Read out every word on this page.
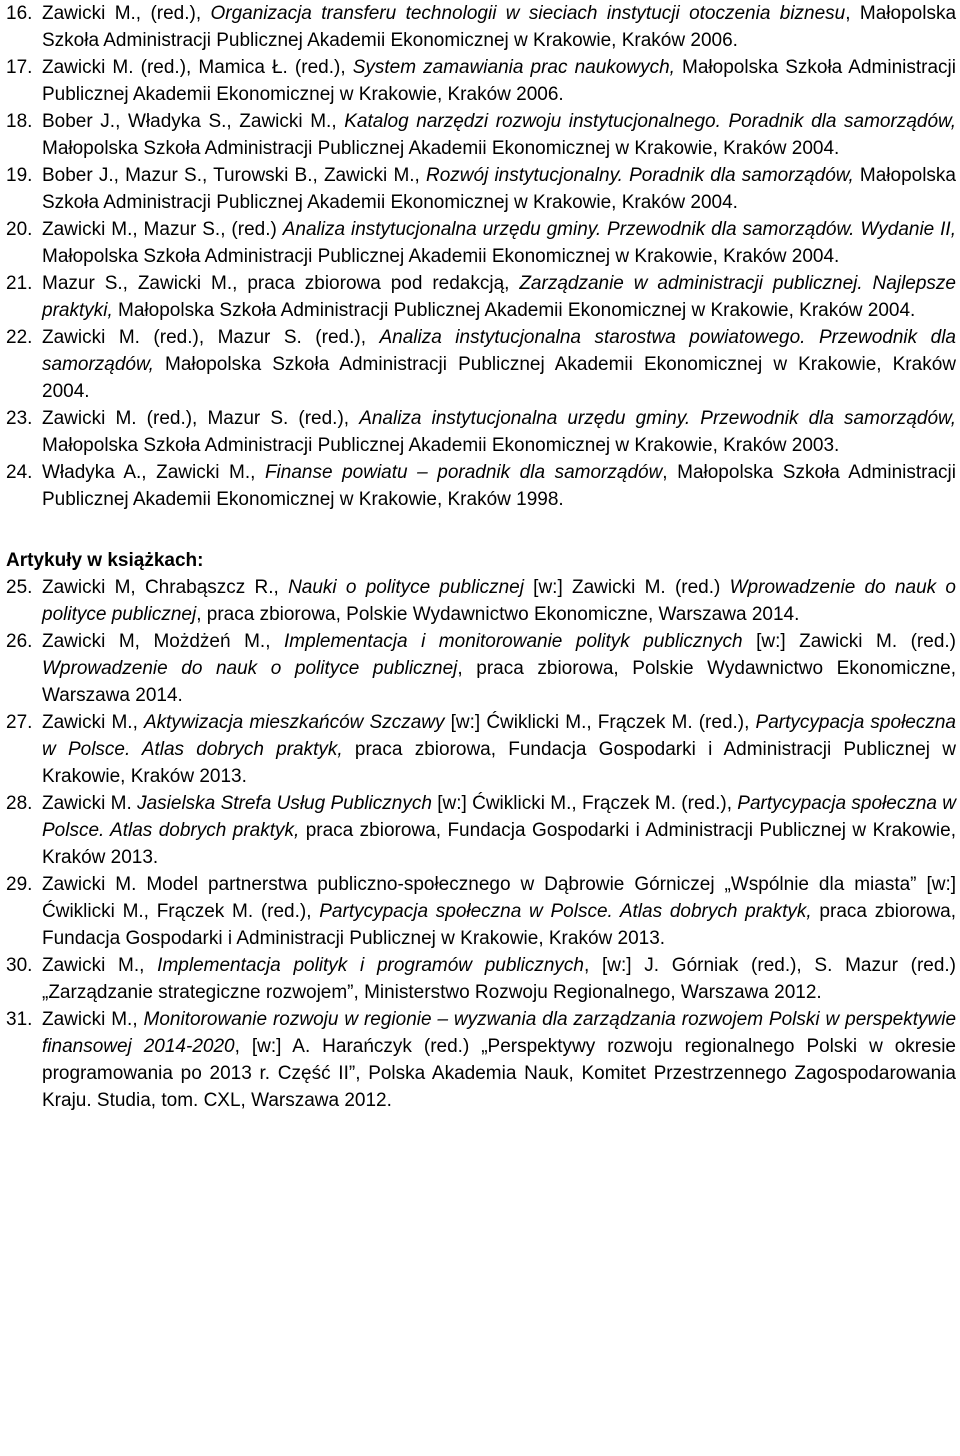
16. Zawicki M., (red.), Organizacja transferu technologii w sieciach instytucji otoczenia biznesu, Małopolska Szkoła Administracji Publicznej Akademii Ekonomicznej w Krakowie, Kraków 2006.
17. Zawicki M. (red.), Mamica Ł. (red.), System zamawiania prac naukowych, Małopolska Szkoła Administracji Publicznej Akademii Ekonomicznej w Krakowie, Kraków 2006.
18. Bober J., Władyka S., Zawicki M., Katalog narzędzi rozwoju instytucjonalnego. Poradnik dla samorządów, Małopolska Szkoła Administracji Publicznej Akademii Ekonomicznej w Krakowie, Kraków 2004.
19. Bober J., Mazur S., Turowski B., Zawicki M., Rozwój instytucjonalny. Poradnik dla samorządów, Małopolska Szkoła Administracji Publicznej Akademii Ekonomicznej w Krakowie, Kraków 2004.
20. Zawicki M., Mazur S., (red.) Analiza instytucjonalna urzędu gminy. Przewodnik dla samorządów. Wydanie II, Małopolska Szkoła Administracji Publicznej Akademii Ekonomicznej w Krakowie, Kraków 2004.
21. Mazur S., Zawicki M., praca zbiorowa pod redakcją, Zarządzanie w administracji publicznej. Najlepsze praktyki, Małopolska Szkoła Administracji Publicznej Akademii Ekonomicznej w Krakowie, Kraków 2004.
22. Zawicki M. (red.), Mazur S. (red.), Analiza instytucjonalna starostwa powiatowego. Przewodnik dla samorządów, Małopolska Szkoła Administracji Publicznej Akademii Ekonomicznej w Krakowie, Kraków 2004.
23. Zawicki M. (red.), Mazur S. (red.), Analiza instytucjonalna urzędu gminy. Przewodnik dla samorządów, Małopolska Szkoła Administracji Publicznej Akademii Ekonomicznej w Krakowie, Kraków 2003.
24. Władyka A., Zawicki M., Finanse powiatu – poradnik dla samorządów, Małopolska Szkoła Administracji Publicznej Akademii Ekonomicznej w Krakowie, Kraków 1998.
Artykuły w książkach:
25. Zawicki M, Chrabąszcz R., Nauki o polityce publicznej [w:] Zawicki M. (red.) Wprowadzenie do nauk o polityce publicznej, praca zbiorowa, Polskie Wydawnictwo Ekonomiczne, Warszawa 2014.
26. Zawicki M, Możdżeń M., Implementacja i monitorowanie polityk publicznych [w:] Zawicki M. (red.) Wprowadzenie do nauk o polityce publicznej, praca zbiorowa, Polskie Wydawnictwo Ekonomiczne, Warszawa 2014.
27. Zawicki M., Aktywizacja mieszkańców Szczawy [w:] Ćwiklicki M., Frączek M. (red.), Partycypacja społeczna w Polsce. Atlas dobrych praktyk, praca zbiorowa, Fundacja Gospodarki i Administracji Publicznej w Krakowie, Kraków 2013.
28. Zawicki M. Jasielska Strefa Usług Publicznych [w:] Ćwiklicki M., Frączek M. (red.), Partycypacja społeczna w Polsce. Atlas dobrych praktyk, praca zbiorowa, Fundacja Gospodarki i Administracji Publicznej w Krakowie, Kraków 2013.
29. Zawicki M. Model partnerstwa publiczno-społecznego w Dąbrowie Górniczej „Wspólnie dla miasta” [w:] Ćwiklicki M., Frączek M. (red.), Partycypacja społeczna w Polsce. Atlas dobrych praktyk, praca zbiorowa, Fundacja Gospodarki i Administracji Publicznej w Krakowie, Kraków 2013.
30. Zawicki M., Implementacja polityk i programów publicznych, [w:] J. Górniak (red.), S. Mazur (red.) „Zarządzanie strategiczne rozwojem”, Ministerstwo Rozwoju Regionalnego, Warszawa 2012.
31. Zawicki M., Monitorowanie rozwoju w regionie – wyzwania dla zarządzania rozwojem Polski w perspektywie finansowej 2014-2020, [w:] A. Harańczyk (red.) „Perspektywy rozwoju regionalnego Polski w okresie programowania po 2013 r. Część II”, Polska Akademia Nauk, Komitet Przestrzennego Zagospodarowania Kraju. Studia, tom. CXL, Warszawa 2012.
